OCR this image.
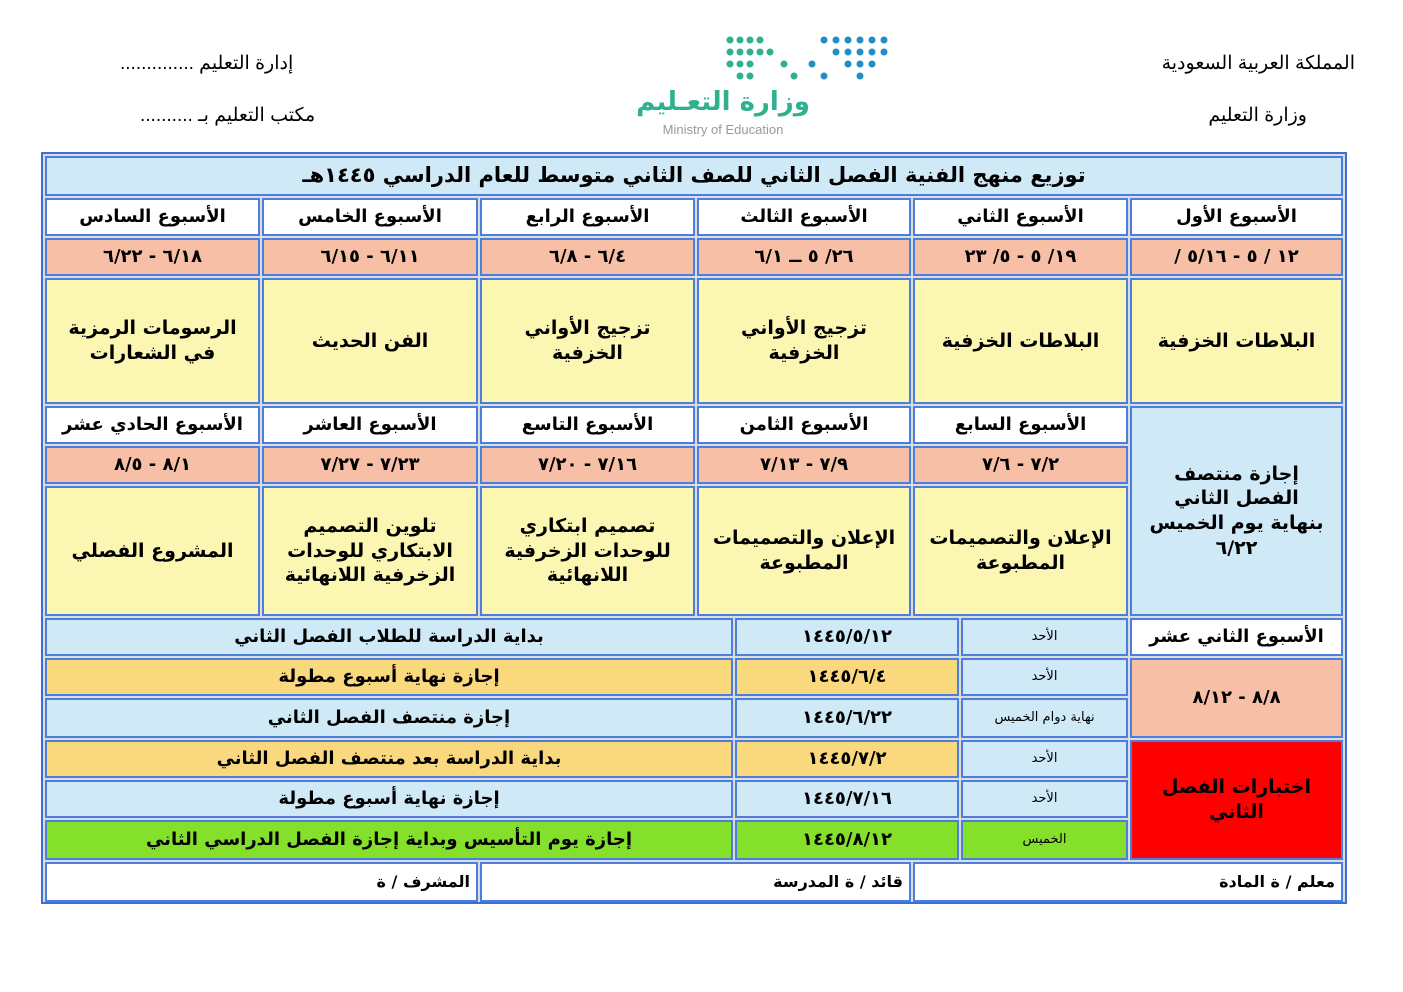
المملكة العربية السعودية
وزارة التعليم
إدارة التعليم ..............
مكتب التعليم بـ ..........	وزارة التعـليم
Ministry of Education
توزيع منهج الفنية الفصل الثاني للصف الثاني متوسط للعام الدراسي ١٤٤٥هـ
الأسبوع الأول
الأسبوع الثاني
الأسبوع الثالث
الأسبوع الرابع
الأسبوع الخامس
الأسبوع السادس
١٢ / ٥ - ٥/١٦ /
١٩/ ٥ - ٥/ ٢٣
٢٦/ ٥ ــ ٦/١
٦/٤ - ٦/٨
٦/١١ - ٦/١٥
٦/١٨ - ٦/٢٢
البلاطات الخزفية
البلاطات الخزفية
تزجيج الأواني
الخزفية
تزجيج الأواني
الخزفية
الفن الحديث
الرسومات الرمزية
في الشعارات
إجازة منتصف
الفصل الثاني
بنهاية يوم الخميس
٦/٢٢
الأسبوع السابع
الأسبوع الثامن
الأسبوع التاسع
الأسبوع العاشر
الأسبوع الحادي عشر
٧/٢ - ٧/٦
٧/٩ - ٧/١٣
٧/١٦ - ٧/٢٠
٧/٢٣ - ٧/٢٧
٨/١ - ٨/٥
الإعلان والتصميمات
المطبوعة
الإعلان والتصميمات
المطبوعة
تصميم ابتكاري
للوحدات الزخرفية
اللانهائية
تلوين التصميم
الابتكاري للوحدات
الزخرفية اللانهائية
المشروع الفصلي
الأسبوع الثاني عشر
٨/٨ - ٨/١٢
اختبارات الفصل
الثاني
الأحد
١٤٤٥/٥/١٢
بداية الدراسة للطلاب الفصل الثاني
الأحد
١٤٤٥/٦/٤
إجازة نهاية أسبوع مطولة
نهاية دوام الخميس
١٤٤٥/٦/٢٢
إجازة منتصف الفصل الثاني
الأحد
١٤٤٥/٧/٢
بداية الدراسة بعد منتصف الفصل الثاني
الأحد
١٤٤٥/٧/١٦
إجازة نهاية أسبوع مطولة
الخميس
١٤٤٥/٨/١٢
إجازة يوم التأسيس وبداية إجازة الفصل الدراسي الثاني
معلم / ة المادة
قائد / ة المدرسة
المشرف / ة
